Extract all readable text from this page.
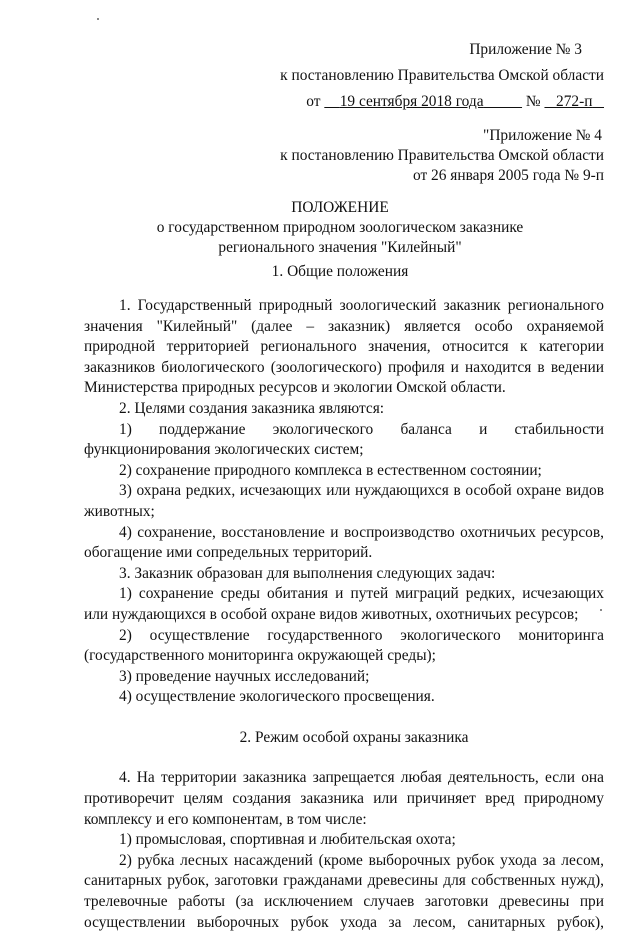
Приложение № 3
к постановлению Правительства Омской области
от 19 сентября 2018 года	№ 272-п
"Приложение № 4
к постановлению Правительства Омской области
от 26 января 2005 года № 9-п
ПОЛОЖЕНИЕ
о государственном природном зоологическом заказнике
регионального значения "Килейный"
1. Общие положения

1. Государственный природный зоологический заказник регионального значения "Килейный" (далее – заказник) является особо охраняемой природной территорией регионального значения, относится к категории заказников биологического (зоологического) профиля и находится в ведении Министерства природных ресурсов и экологии Омской области.

2. Целями создания заказника являются:

1) поддержание экологического баланса и стабильности функционирования экологических систем;

2) сохранение природного комплекса в естественном состоянии;

3) охрана редких, исчезающих или нуждающихся в особой охране видов животных;

4) сохранение, восстановление и воспроизводство охотничьих ресурсов, обогащение ими сопредельных территорий.

3. Заказник образован для выполнения следующих задач:

1) сохранение среды обитания и путей миграций редких, исчезающих или нуждающихся в особой охране видов животных, охотничьих ресурсов;

2) осуществление государственного экологического мониторинга (государственного мониторинга окружающей среды);

3) проведение научных исследований;

4) осуществление экологического просвещения.

2. Режим особой охраны заказника

4. На территории заказника запрещается любая деятельность, если она противоречит целям создания заказника или причиняет вред природному комплексу и его компонентам, в том числе:

1) промысловая, спортивная и любительская охота;

2) рубка лесных насаждений (кроме выборочных рубок ухода за лесом, санитарных рубок, заготовки гражданами древесины для собственных нужд), трелевочные работы (за исключением случаев заготовки древесины при осуществлении выборочных рубок ухода за лесом, санитарных рубок),
